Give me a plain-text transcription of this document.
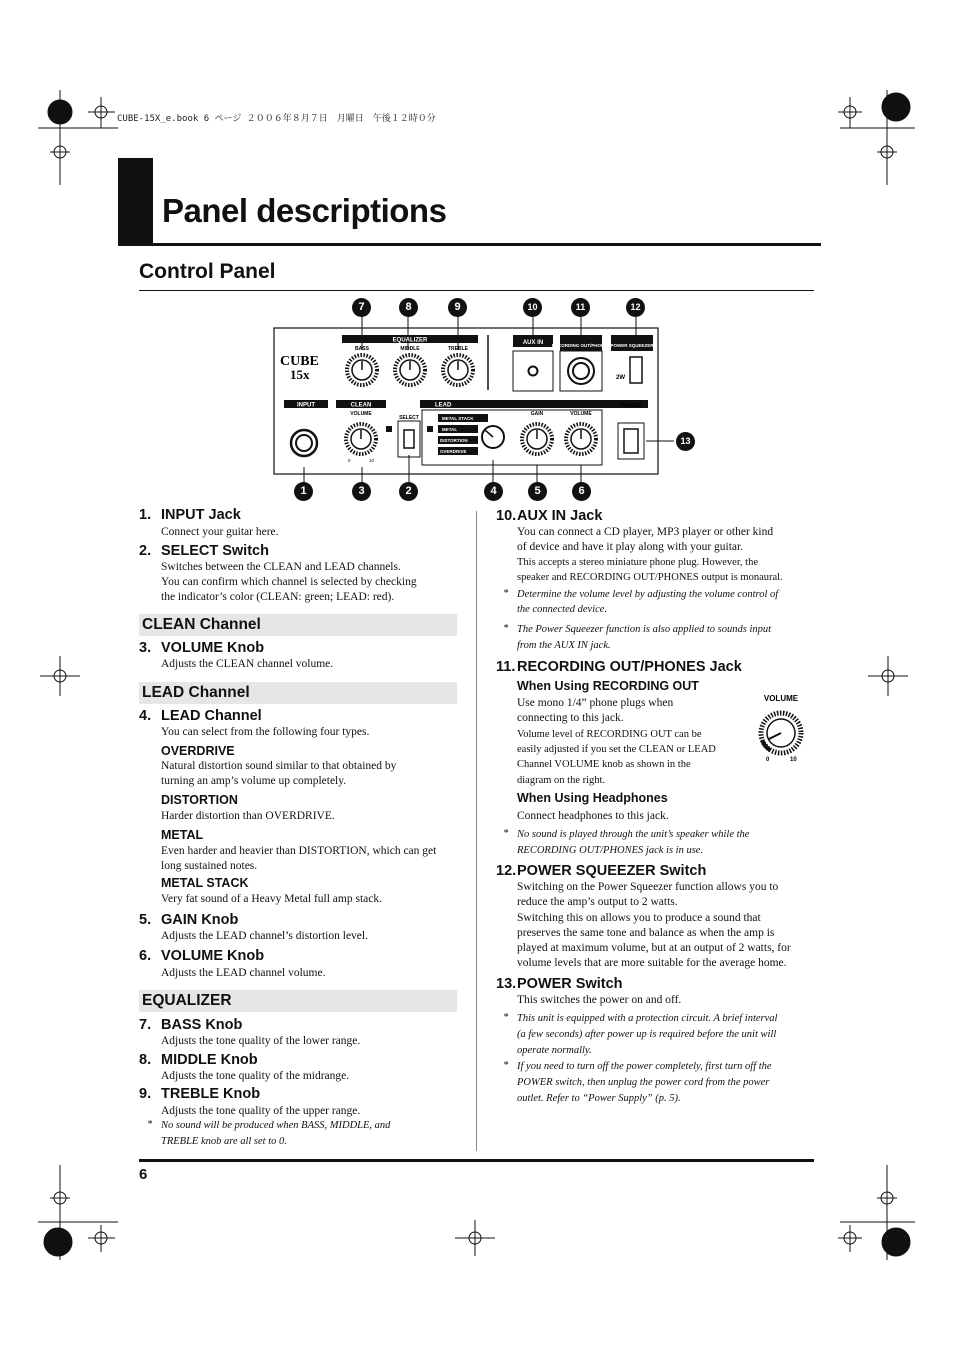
CUBE-15X_e.book 6 ページ ２００６年８月７日　月曜日　午後１２時０分
Panel descriptions
Control Panel
CUBE
15x
EQUALIZER
BASS	MIDDLE	TREBLE
AUX IN RECORDING OUT/PHONES POWER SQUEEZER
2W
INPUT	CLEAN
VOLUME
0	10
SELECT
LEAD
METAL STACK
METAL
DISTORTION
OVERDRIVE
GAIN	VOLUME
POWER
7	8	9	10	11	12
1	3	2	4	5	6
13
1. INPUT Jack
Connect your guitar here.
2. SELECT Switch
Switches between the CLEAN and LEAD channels.
You can confirm which channel is selected by checking
the indicator’s color (CLEAN: green; LEAD: red).
CLEAN Channel
3. VOLUME Knob
Adjusts the CLEAN channel volume.
LEAD Channel
4. LEAD Channel
You can select from the following four types.
OVERDRIVE
Natural distortion sound similar to that obtained by
turning an amp’s volume up completely.
DISTORTION
Harder distortion than OVERDRIVE.
METAL
Even harder and heavier than DISTORTION, which can get
long sustained notes.
METAL STACK
Very fat sound of a Heavy Metal full amp stack.
5. GAIN Knob
Adjusts the LEAD channel’s distortion level.
6. VOLUME Knob
Adjusts the LEAD channel volume.
EQUALIZER
7. BASS Knob
Adjusts the tone quality of the lower range.
8. MIDDLE Knob
Adjusts the tone quality of the midrange.
9. TREBLE Knob
Adjusts the tone quality of the upper range.
* No sound will be produced when BASS, MIDDLE, and
TREBLE knob are all set to 0.
10. AUX IN Jack
You can connect a CD player, MP3 player or other kind
of device and have it play along with your guitar.
This accepts a stereo miniature phone plug. However, the
speaker and RECORDING OUT/PHONES output is monaural.
* Determine the volume level by adjusting the volume control of
the connected device.
* The Power Squeezer function is also applied to sounds input
from the AUX IN jack.
11. RECORDING OUT/PHONES Jack
When Using RECORDING OUT
Use mono 1/4” phone plugs when
connecting to this jack.
Volume level of RECORDING OUT can be
easily adjusted if you set the CLEAN or LEAD
Channel VOLUME knob as shown in the
diagram on the right.
VOLUME
0	10
When Using Headphones
Connect headphones to this jack.
* No sound is played through the unit’s speaker while the
RECORDING OUT/PHONES jack is in use.
12. POWER SQUEEZER Switch
Switching on the Power Squeezer function allows you to
reduce the amp’s output to 2 watts.
Switching this on allows you to produce a sound that
preserves the same tone and balance as when the amp is
played at maximum volume, but at an output of 2 watts, for
volume levels that are more suitable for the average home.
13. POWER Switch
This switches the power on and off.
* This unit is equipped with a protection circuit. A brief interval
(a few seconds) after power up is required before the unit will
operate normally.
* If you need to turn off the power completely, first turn off the
POWER switch, then unplug the power cord from the power
outlet. Refer to “Power Supply” (p. 5).
6
